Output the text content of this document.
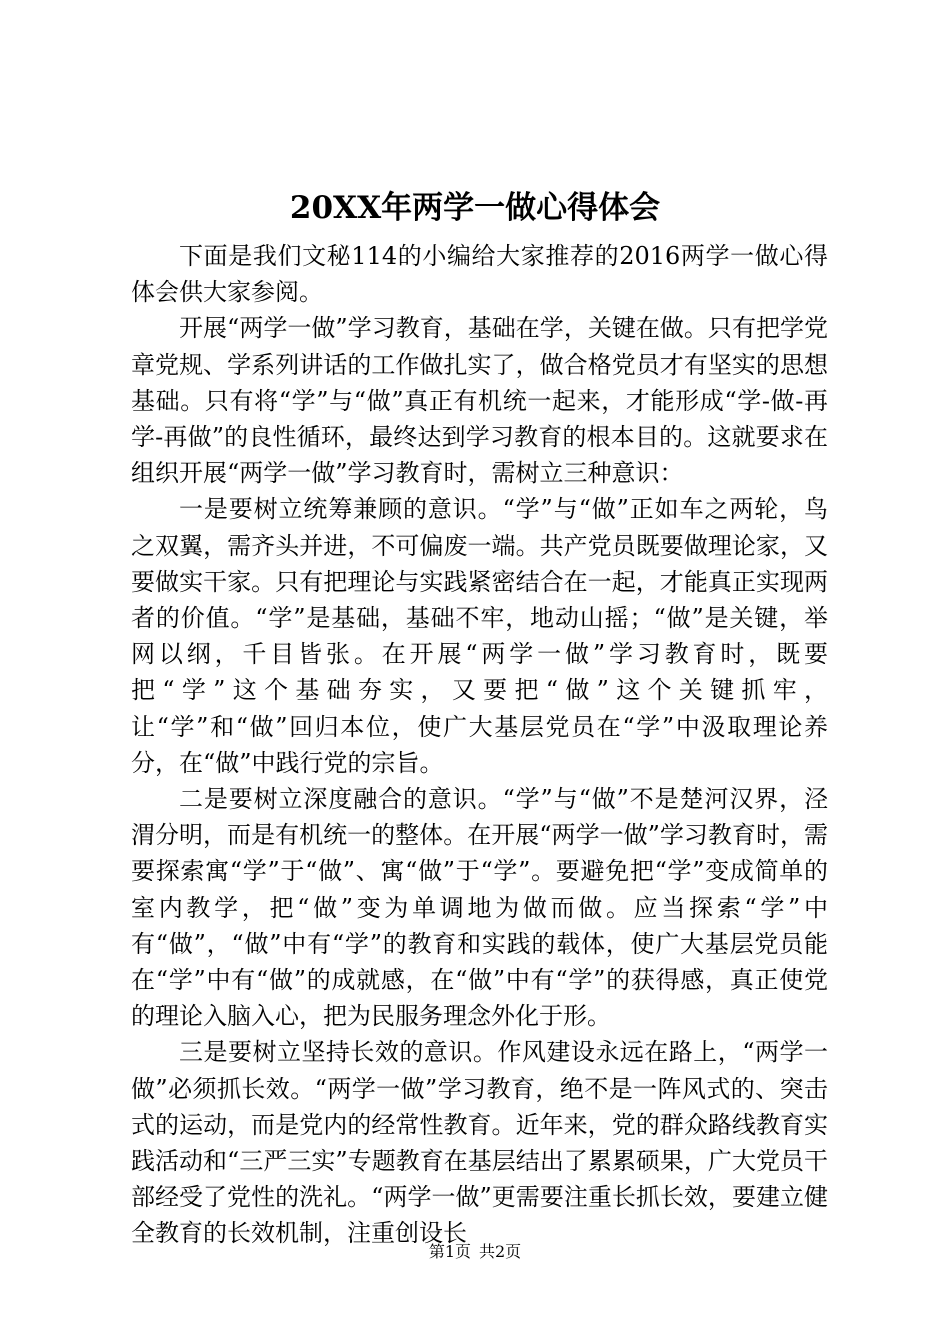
20XX年两学一做心得体会

下面是我们文秘114的小编给大家推荐的2016两学一做心得体会供大家参阅。

开展“两学一做”学习教育，基础在学，关键在做。只有把学党章党规、学系列讲话的工作做扎实了，做合格党员才有坚实的思想基础。只有将“学”与“做”真正有机统一起来，才能形成“学-做-再学-再做”的良性循环，最终达到学习教育的根本目的。这就要求在组织开展“两学一做”学习教育时，需树立三种意识：

一是要树立统筹兼顾的意识。“学”与“做”正如车之两轮，鸟之双翼，需齐头并进，不可偏废一端。共产党员既要做理论家，又要做实干家。只有把理论与实践紧密结合在一起，才能真正实现两者的价值。“学”是基础，基础不牢，地动山摇；“做”是关键，举网以纲，千目皆张。在开展“两学一做”学习教育时，既要把“学”这个基础夯实，又要把“做”这个关键抓牢，让“学”和“做”回归本位，使广大基层党员在“学”中汲取理论养分，在“做”中践行党的宗旨。

二是要树立深度融合的意识。“学”与“做”不是楚河汉界，泾渭分明，而是有机统一的整体。在开展“两学一做”学习教育时，需要探索寓“学”于“做”、寓“做”于“学”。要避免把“学”变成简单的室内教学，把“做”变为单调地为做而做。应当探索“学”中有“做”，“做”中有“学”的教育和实践的载体，使广大基层党员能在“学”中有“做”的成就感，在“做”中有“学”的获得感，真正使党的理论入脑入心，把为民服务理念外化于形。

三是要树立坚持长效的意识。作风建设永远在路上，“两学一做”必须抓长效。“两学一做”学习教育，绝不是一阵风式的、突击式的运动，而是党内的经常性教育。近年来，党的群众路线教育实践活动和“三严三实”专题教育在基层结出了累累硕果，广大党员干部经受了党性的洗礼。“两学一做”更需要注重长抓长效，要建立健全教育的长效机制，注重创设长

第1页 共2页
